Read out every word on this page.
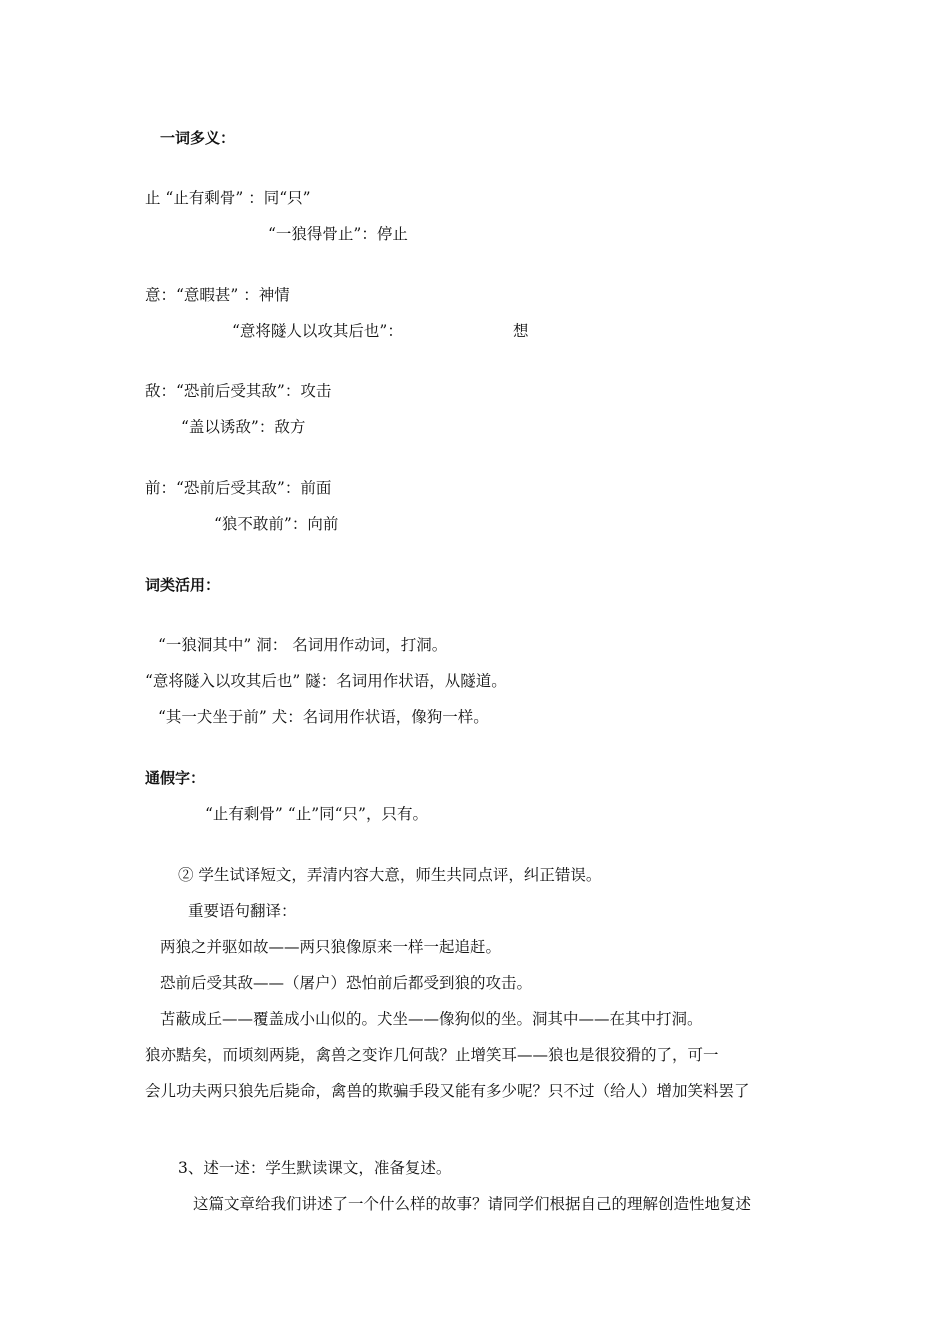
一词多义：
止 “止有剩骨” ：同“只”
“一狼得骨止”：停止
意：“意暇甚” ：神情
“意将隧人以攻其后也”：	想
敌：“恐前后受其敌”：攻击
“盖以诱敌”：敌方
前：“恐前后受其敌”：前面
“狼不敢前”：向前
词类活用：
“一狼洞其中” 洞： 名词用作动词，打洞。
“意将隧入以攻其后也” 隧：名词用作状语，从隧道。
“其一犬坐于前” 犬：名词用作状语，像狗一样。
通假字：
“止有剩骨” “止”同“只”，只有。
② 学生试译短文，弄清内容大意，师生共同点评，纠正错误。
重要语句翻译：
两狼之并驱如故——两只狼像原来一样一起追赶。
恐前后受其敌——（屠户）恐怕前后都受到狼的攻击。
苫蔽成丘——覆盖成小山似的。犬坐——像狗似的坐。洞其中——在其中打洞。
狼亦黠矣，而顷刻两毙，禽兽之变诈几何哉？止增笑耳——狼也是很狡猾的了，可一
会儿功夫两只狼先后毙命，禽兽的欺骗手段又能有多少呢？只不过（给人）增加笑料罢了
3、述一述：学生默读课文，准备复述。
这篇文章给我们讲述了一个什么样的故事？请同学们根据自己的理解创造性地复述
